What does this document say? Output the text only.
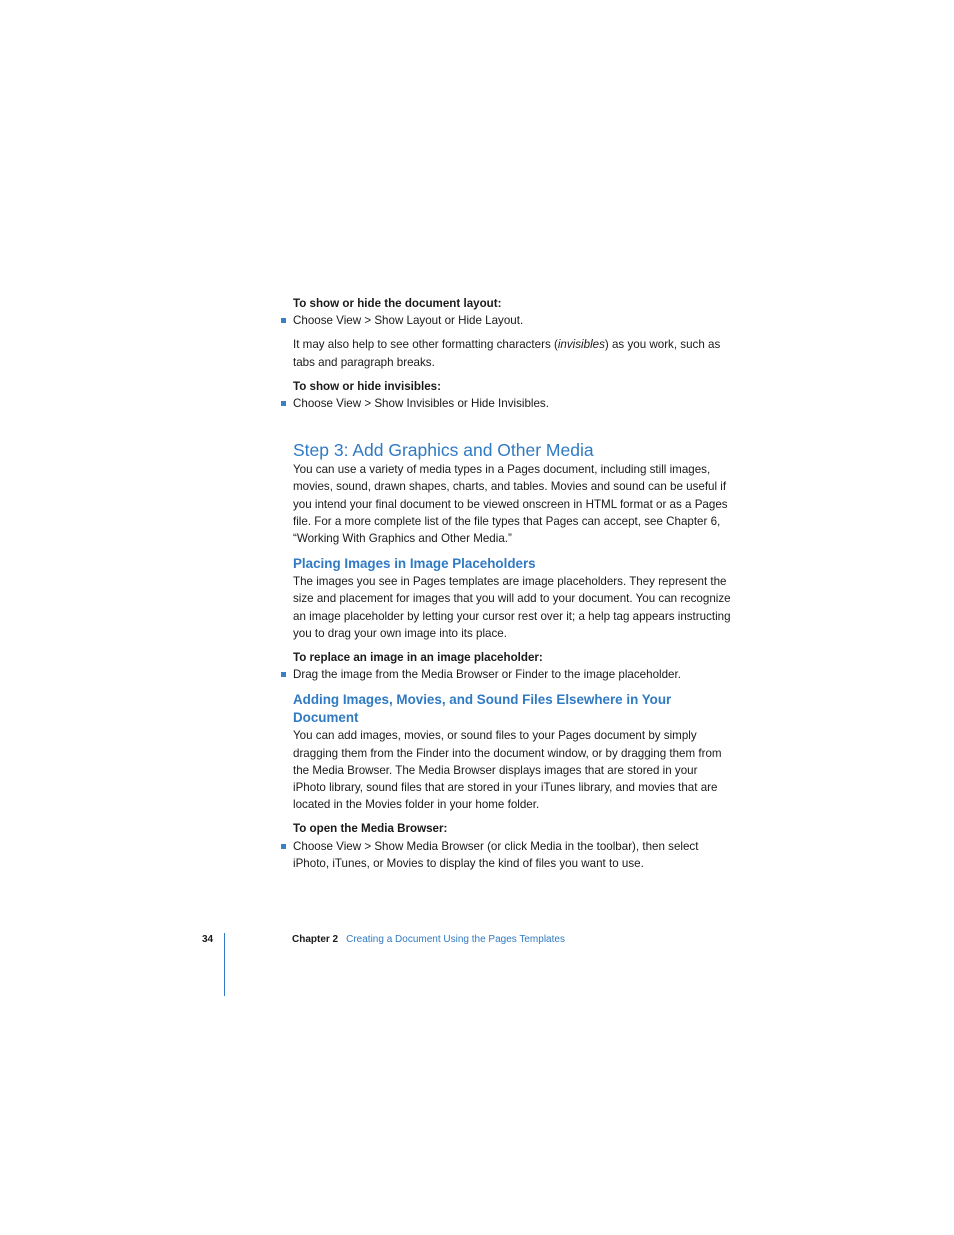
To show or hide the document layout:

Choose View > Show Layout or Hide Layout.

It may also help to see other formatting characters (invisibles) as you work, such as tabs and paragraph breaks.

To show or hide invisibles:

Choose View > Show Invisibles or Hide Invisibles.
Step 3: Add Graphics and Other Media

You can use a variety of media types in a Pages document, including still images, movies, sound, drawn shapes, charts, and tables. Movies and sound can be useful if you intend your final document to be viewed onscreen in HTML format or as a Pages file. For a more complete list of the file types that Pages can accept, see Chapter 6, “Working With Graphics and Other Media.”

Placing Images in Image Placeholders

The images you see in Pages templates are image placeholders. They represent the size and placement for images that you will add to your document. You can recognize an image placeholder by letting your cursor rest over it; a help tag appears instructing you to drag your own image into its place.

To replace an image in an image placeholder:

Drag the image from the Media Browser or Finder to the image placeholder.
Adding Images, Movies, and Sound Files Elsewhere in Your Document

You can add images, movies, or sound files to your Pages document by simply dragging them from the Finder into the document window, or by dragging them from the Media Browser. The Media Browser displays images that are stored in your iPhoto library, sound files that are stored in your iTunes library, and movies that are located in the Movies folder in your home folder.

To open the Media Browser:

Choose View > Show Media Browser (or click Media in the toolbar), then select iPhoto, iTunes, or Movies to display the kind of files you want to use.
34	Chapter 2 Creating a Document Using the Pages Templates
